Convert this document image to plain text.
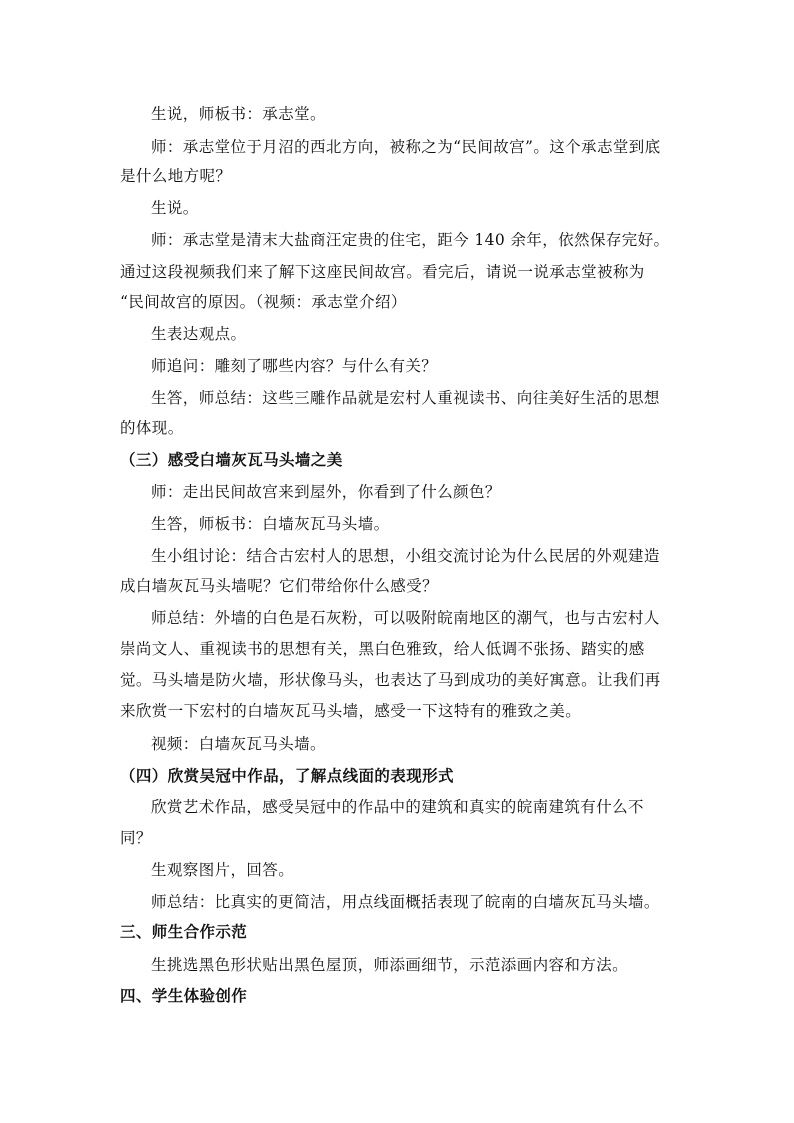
生说，师板书：承志堂。
师：承志堂位于月沼的西北方向，被称之为“民间故宫”。这个承志堂到底
是什么地方呢？
生说。
师：承志堂是清末大盐商汪定贵的住宅，距今 140 余年，依然保存完好。
通过这段视频我们来了解下这座民间故宫。看完后，请说一说承志堂被称为
“民间故宫的原因。（视频：承志堂介绍）
生表达观点。
师追问：雕刻了哪些内容？与什么有关？
生答，师总结：这些三雕作品就是宏村人重视读书、向往美好生活的思想
的体现。
（三）感受白墙灰瓦马头墙之美
师：走出民间故宫来到屋外，你看到了什么颜色？
生答，师板书：白墙灰瓦马头墙。
生小组讨论：结合古宏村人的思想，小组交流讨论为什么民居的外观建造
成白墙灰瓦马头墙呢？它们带给你什么感受？
师总结：外墙的白色是石灰粉，可以吸附皖南地区的潮气，也与古宏村人
崇尚文人、重视读书的思想有关，黑白色雅致，给人低调不张扬、踏实的感
觉。马头墙是防火墙，形状像马头，也表达了马到成功的美好寓意。让我们再
来欣赏一下宏村的白墙灰瓦马头墙，感受一下这特有的雅致之美。
视频：白墙灰瓦马头墙。
（四）欣赏吴冠中作品，了解点线面的表现形式
欣赏艺术作品，感受吴冠中的作品中的建筑和真实的皖南建筑有什么不
同？
生观察图片，回答。
师总结：比真实的更简洁，用点线面概括表现了皖南的白墙灰瓦马头墙。
三、师生合作示范
生挑选黑色形状贴出黑色屋顶，师添画细节，示范添画内容和方法。
四、学生体验创作
